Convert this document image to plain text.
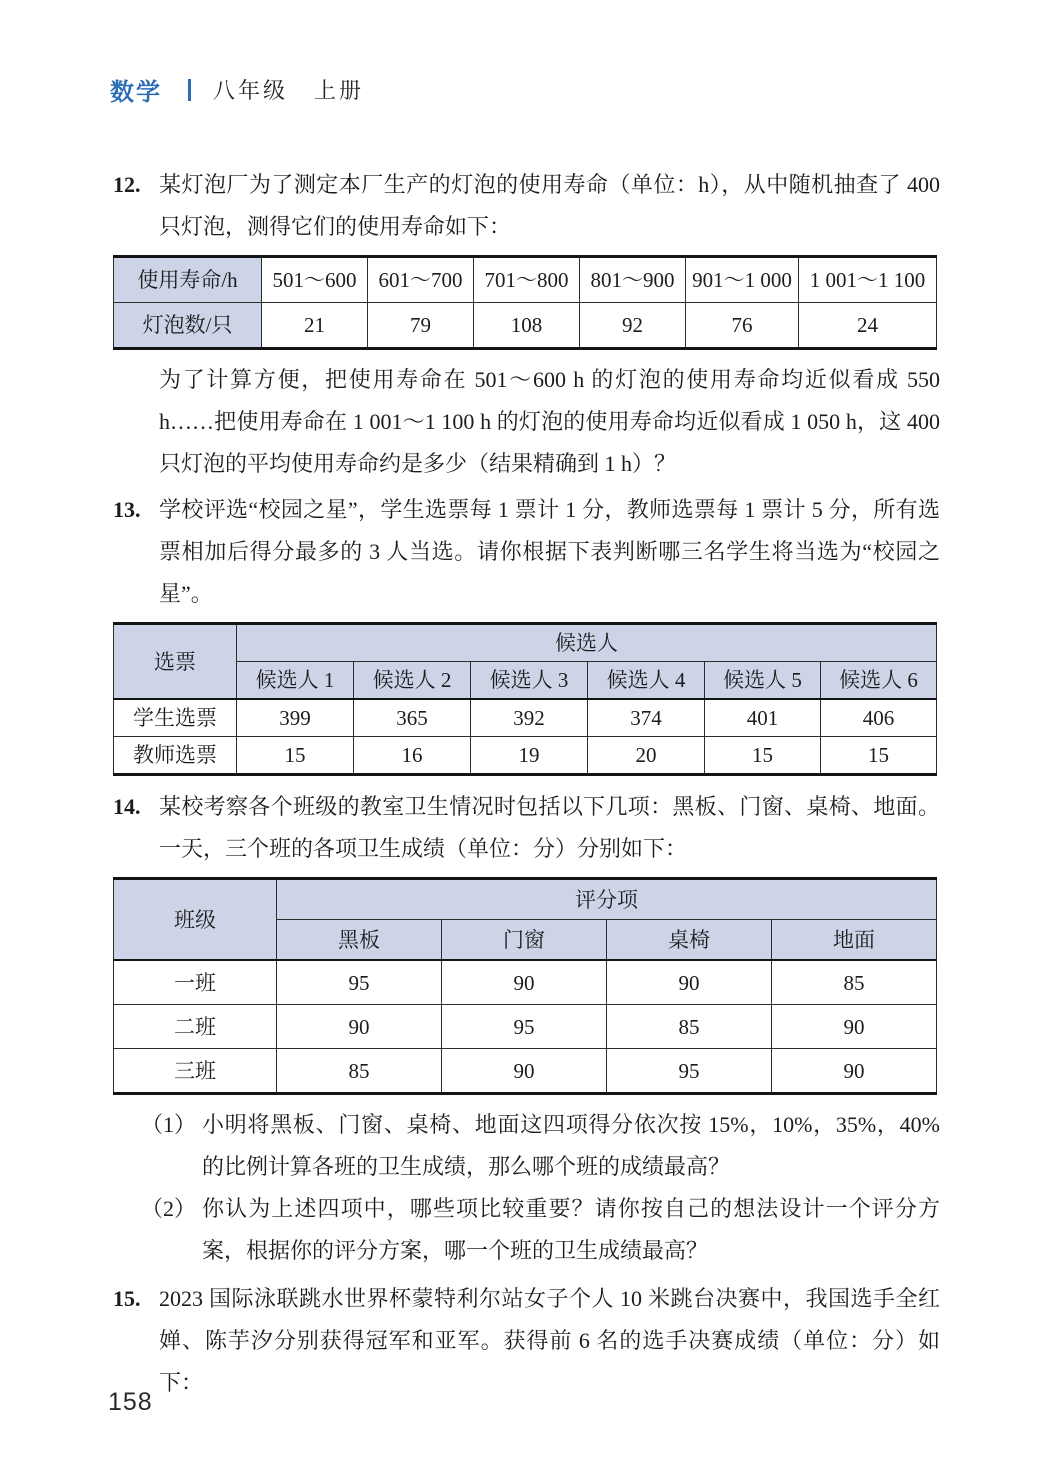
数学 八年级 上册
12. 某灯泡厂为了测定本厂生产的灯泡的使用寿命（单位：h），从中随机抽查了 400 只灯泡，测得它们的使用寿命如下：
使用寿命/h	501～600	601～700	701～800	801～900	901～1 000	1 001～1 100
灯泡数/只	21	79	108	92	76	24
为了计算方便，把使用寿命在 501～600 h 的灯泡的使用寿命均近似看成 550 h……把使用寿命在 1 001～1 100 h 的灯泡的使用寿命均近似看成 1 050 h，这 400 只灯泡的平均使用寿命约是多少（结果精确到 1 h）？
13. 学校评选“校园之星”，学生选票每 1 票计 1 分，教师选票每 1 票计 5 分，所有选票相加后得分最多的 3 人当选。请你根据下表判断哪三名学生将当选为“校园之星”。
选票	候选人					
	候选人 1	候选人 2	候选人 3	候选人 4	候选人 5	候选人 6
学生选票	399	365	392	374	401	406
教师选票	15	16	19	20	15	15
14. 某校考察各个班级的教室卫生情况时包括以下几项：黑板、门窗、桌椅、地面。一天，三个班的各项卫生成绩（单位：分）分别如下：
班级	评分项			
	黑板	门窗	桌椅	地面
一班	95	90	90	85
二班	90	95	85	90
三班	85	90	95	90
（1） 小明将黑板、门窗、桌椅、地面这四项得分依次按 15%，10%，35%，40% 的比例计算各班的卫生成绩，那么哪个班的成绩最高？
（2） 你认为上述四项中，哪些项比较重要？请你按自己的想法设计一个评分方案，根据你的评分方案，哪一个班的卫生成绩最高？
15. 2023 国际泳联跳水世界杯蒙特利尔站女子个人 10 米跳台决赛中，我国选手全红婵、陈芋汐分别获得冠军和亚军。获得前 6 名的选手决赛成绩（单位：分）如下：
158
